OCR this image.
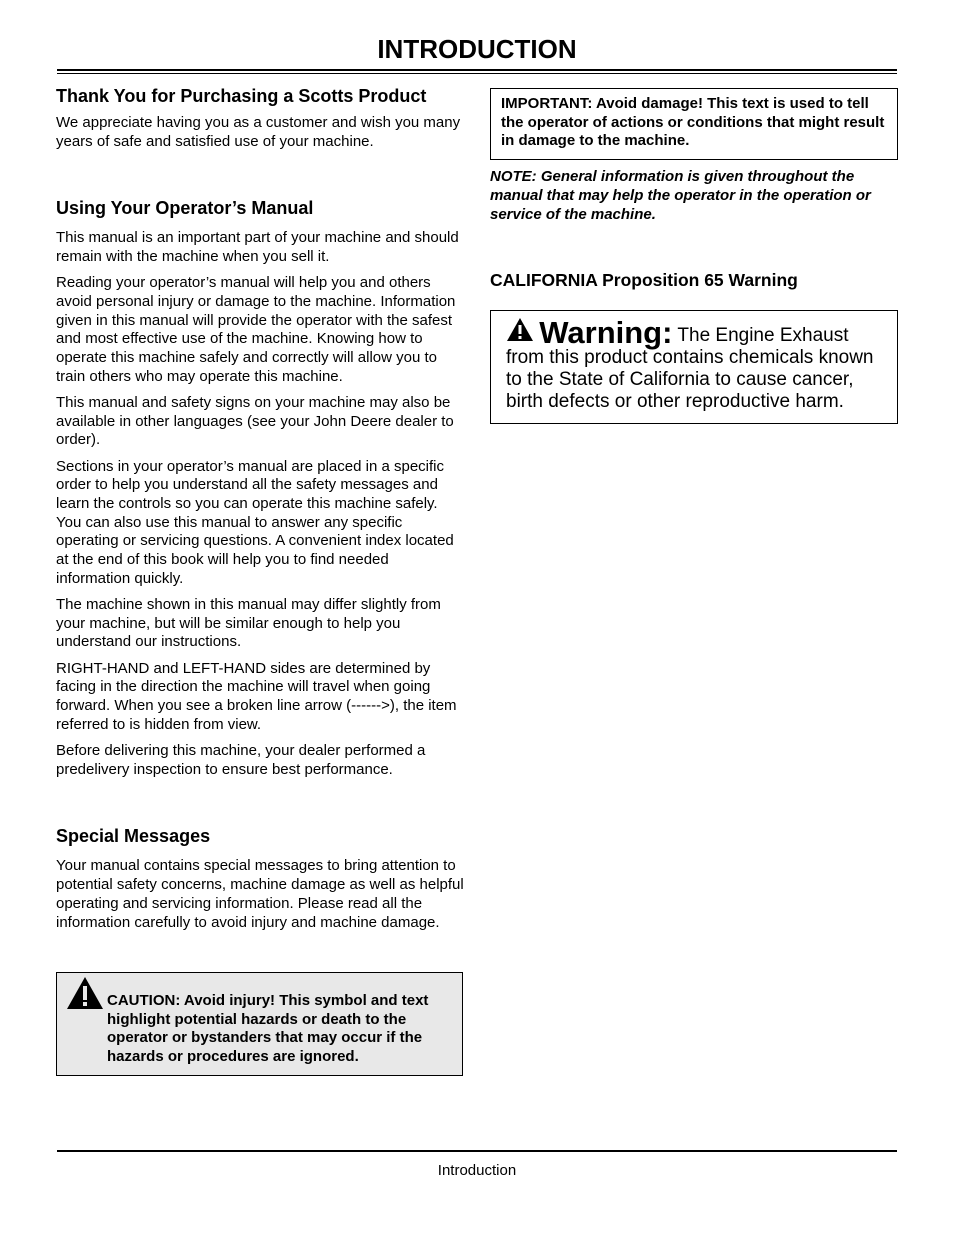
INTRODUCTION
Thank You for Purchasing a Scotts Product

We appreciate having you as a customer and wish you many years of safe and satisfied use of your machine.

Using Your Operator’s Manual

This manual is an important part of your machine and should remain with the machine when you sell it.

Reading your operator’s manual will help you and others avoid personal injury or damage to the machine. Information given in this manual will provide the operator with the safest and most effective use of the machine. Knowing how to operate this machine safely and correctly will allow you to train others who may operate this machine.

This manual and safety signs on your machine may also be available in other languages (see your John Deere dealer to order).

Sections in your operator’s manual are placed in a specific order to help you understand all the safety messages and learn the controls so you can operate this machine safely. You can also use this manual to answer any specific operating or servicing questions. A convenient index located at the end of this book will help you to find needed information quickly.

The machine shown in this manual may differ slightly from your machine, but will be similar enough to help you understand our instructions.

RIGHT-HAND and LEFT-HAND sides are determined by facing in the direction the machine will travel when going forward. When you see a broken line arrow (------>), the item referred to is hidden from view.

Before delivering this machine, your dealer performed a predelivery inspection to ensure best performance.

Special Messages

Your manual contains special messages to bring attention to potential safety concerns, machine damage as well as helpful operating and servicing information. Please read all the information carefully to avoid injury and machine damage.

CAUTION: Avoid injury! This symbol and text highlight potential hazards or death to the operator or bystanders that may occur if the hazards or procedures are ignored.
IMPORTANT: Avoid damage! This text is used to tell the operator of actions or conditions that might result in damage to the machine.
NOTE: General information is given throughout the manual that may help the operator in the operation or service of the machine.
CALIFORNIA Proposition 65 Warning
Warning: The Engine Exhaust from this product contains chemicals known to the State of California to cause cancer, birth defects or other reproductive harm.
Introduction
